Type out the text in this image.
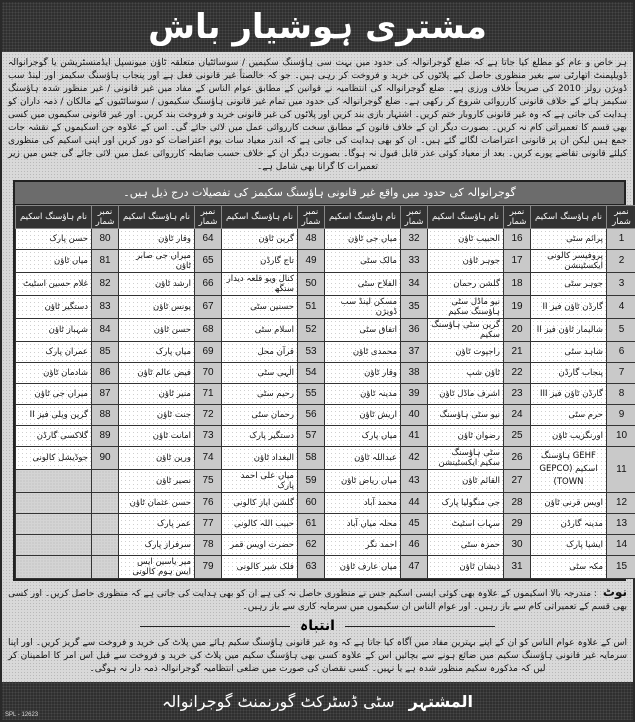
مشتری ہوشیار باش
ہر خاص و عام کو مطلع کیا جاتا ہے کہ ضلع گوجرانوالہ کی حدود میں بہت سی ہاؤسنگ سکیمیں / سوسائٹیاں متعلقہ ٹاؤن میونسپل ایڈمنسٹریشن یا گوجرانوالہ ڈویلپمنٹ اتھارٹی سے بغیر منظوری حاصل کیے پلاٹوں کی خرید و فروخت کر رہی ہیں۔ جو کہ خالصتاً غیر قانونی فعل ہے اور پنجاب ہاؤسنگ سکیمز اور لینڈ سب ڈویژن رولز 2010 کی صریحاً خلاف ورزی ہے۔ ضلع گوجرانوالہ کی انتظامیہ نے قوانین کے مطابق عوام الناس کے مفاد میں غیر قانونی / غیر منظور شدہ ہاؤسنگ سکیمز ہائے کے خلاف قانونی کارروائی شروع کر رکھی ہے۔ ضلع گوجرانوالہ کی حدود میں تمام غیر قانونی ہاؤسنگ سکیموں / سوسائٹیوں کے مالکان / ذمہ داران کو ہدایت کی جاتی ہے کہ وہ غیر قانونی کاروبار ختم کریں۔ اشتہار بازی بند کریں اور پلاٹوں کی غیر قانونی خرید و فروخت بند کریں۔ اور غیر قانونی سکیموں میں کسی بھی قسم کا تعمیراتی کام نہ کریں۔ بصورت دیگر ان کے خلاف قانون کے مطابق سخت کارروائی عمل میں لائی جائے گی۔ اس کے علاوہ جن اسکیموں کے نقشہ جات جمع ہیں لیکن ان پر قانونی اعتراضات لگائے گئے ہیں۔ ان کو بھی ہدایت کی جاتی ہے کہ اندر معیاد سات یوم اعتراضات کو دور کریں اور اپنی اسکیم کی منظوری کیلئے قانونی تقاضے پورے کریں۔ بعد از معیاد کوئی عذر قابل قبول نہ ہوگا۔ بصورت دیگر ان کے خلاف حسب ضابطہ کارروائی عمل میں لائی جائے گی جس میں زیر تعمیرات کا گرانا بھی شامل ہے۔
گوجرانوالہ کی حدود میں واقع غیر قانونی ہاؤسنگ سکیمز کی تفصیلات درج ذیل ہیں۔
نمبر شمار	نام ہاؤسنگ اسکیم	نمبر شمار	نام ہاؤسنگ اسکیم	نمبر شمار	نام ہاؤسنگ اسکیم	نمبر شمار	نام ہاؤسنگ اسکیم	نمبر شمار	نام ہاؤسنگ اسکیم	نمبر شمار	نام ہاؤسنگ اسکیم
1	پرائم سٹی	16	الحبیب ٹاؤن	32	میاں جی ٹاؤن	48	گرین ٹاؤن	64	وقار ٹاؤن	80	حسن پارک
2	پروفیسر کالونی ایکسٹینشن	17	جوہر ٹاؤن	33	مالک سٹی	49	تاج گارڈن	65	میراں جی صابر ٹاؤن	81	میاں ٹاؤن
3	جوہر سٹی	18	گلشن رحمان	34	الفلاح سٹی	50	کنال ویو قلعہ دیدار سنگھ	66	ارشد ٹاؤن	82	غلام حسین اسٹیٹ
4	گارڈن ٹاؤن فیز II	19	نیو ماڈل سٹی ہاؤسنگ سکیم	35	مسکن لینڈ سب ڈویژن	51	حسنین سٹی	67	یونس ٹاؤن	83	دستگیر ٹاؤن
5	شالیمار ٹاؤن فیز II	20	گرین سٹی ہاؤسنگ سکیم	36	اتفاق سٹی	52	اسلام سٹی	68	حسن ٹاؤن	84	شہباز ٹاؤن
6	شاہد سٹی	21	راجپوت ٹاؤن	37	محمدی ٹاؤن	53	قرآن محل	69	میاں پارک	85	عمران پارک
7	پنجاب گارڈن	22	ٹاؤن شپ	38	وقار ٹاؤن	54	الٰہی سٹی	70	فیض عالم ٹاؤن	86	شادمان ٹاؤن
8	گارڈن ٹاؤن فیز III	23	اشرف ماڈل ٹاؤن	39	مدینہ ٹاؤن	55	رحیم سٹی	71	منیر ٹاؤن	87	میراں جی ٹاؤن
9	حرم سٹی	24	نیو سٹی ہاؤسنگ	40	اریش ٹاؤن	56	رحمان سٹی	72	جنت ٹاؤن	88	گرین ویلی فیز II
10	اورنگزیب ٹاؤن	25	رضوان ٹاؤن	41	میاں پارک	57	دستگیر پارک	73	امانت ٹاؤن	89	گلاکسی گارڈن
11	GEHF ہاؤسنگ اسکیم (GEPCO TOWN)	26	سٹی ہاؤسنگ سکیم ایکسٹینشن	42	عبداللہ ٹاؤن	58	البغداد ٹاؤن	74	ورین ٹاؤن	90	جوڈیشل کالونی
		27	القائم ٹاؤن	43	میاں ریاض ٹاؤن	59	میاں علی احمد پارک	75	نصیر ٹاؤن		
12	اویس قرنی ٹاؤن	28	جی منگولیا پارک	44	محمد آباد	60	گلشن ایاز کالونی	76	حسن عثمان ٹاؤن		
13	مدینہ گارڈن	29	سہاب اسٹیٹ	45	محلہ میاں آباد	61	حبیب اللہ کالونی	77	عمر پارک		
14	ایشیا پارک	30	حمزہ سٹی	46	احمد نگر	62	حضرت اویس قمر	78	سرفراز پارک		
15	مکہ سٹی	31	ذیشان ٹاؤن	47	میاں عارف ٹاؤن	63	فلک شیر کالونی	79	میر یاسین ایس ایس ہوم کالونی		
نوٹ: مندرجہ بالا اسکیموں کے علاوہ بھی کوئی ایسی اسکیم جس نے منظوری حاصل نہ کی ہے ان کو بھی ہدایت کی جاتی ہے کہ منظوری حاصل کریں۔ اور کسی بھی قسم کے تعمیراتی کام سے باز رہیں۔ اور عوام الناس ان سکیموں میں سرمایہ کاری سے باز رہیں۔
انتباہ
اس کے علاوہ عوام الناس کو ان کے اپنے بہترین مفاد میں آگاہ کیا جاتا ہے کہ وہ غیر قانونی ہاؤسنگ سکیم ہائے میں پلاٹ کی خرید و فروخت سے گریز کریں۔ اور اپنا سرمایہ غیر قانونی ہاؤسنگ سکیم میں ضائع ہونے سے بچائیں اس کے علاوہ کسی بھی ہاؤسنگ سکیم میں پلاٹ کی خرید و فروخت سے قبل اس امر کا اطمینان کر لیں کہ مذکورہ سکیم منظور شدہ ہے یا نہیں۔ کسی نقصان کی صورت میں ضلعی انتظامیہ گوجرانوالہ ذمہ دار نہ ہوگی۔
المشتہر
سٹی ڈسٹرکٹ گورنمنٹ گوجرانوالہ
SPL - 12623
